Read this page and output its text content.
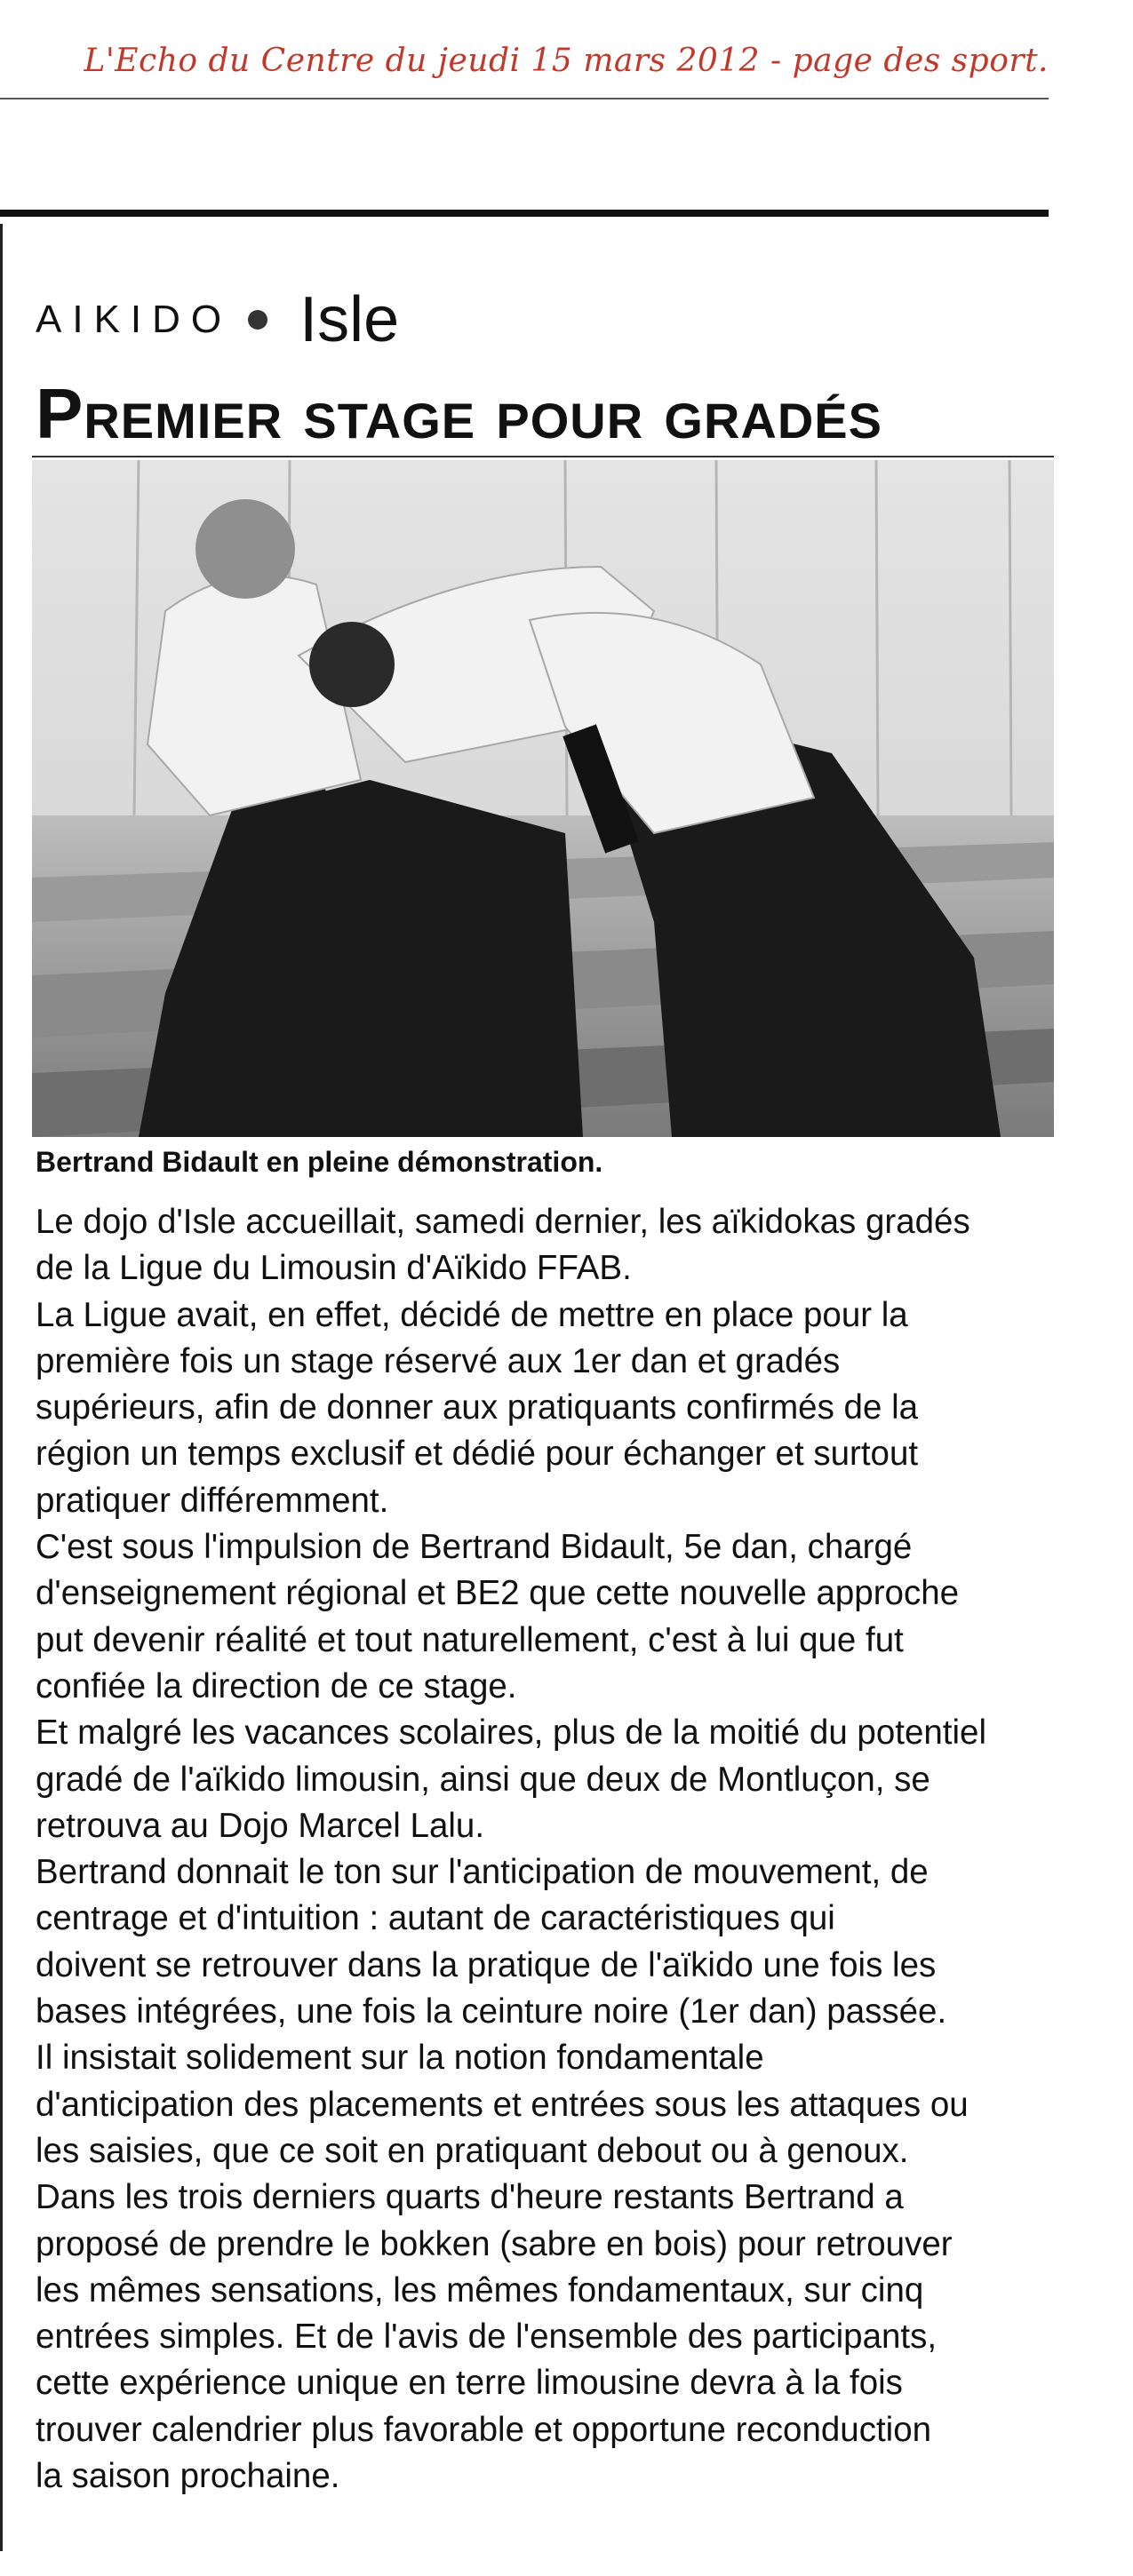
L'Echo du Centre du jeudi 15 mars 2012 - page des sport.
AIKIDO Isle
Premier stage pour gradés
Bertrand Bidault en pleine démonstration.
Le dojo d'Isle accueillait, samedi dernier, les aïkidokas gradés
de la Ligue du Limousin d'Aïkido FFAB.
La Ligue avait, en effet, décidé de mettre en place pour la
première fois un stage réservé aux 1er dan et gradés
supérieurs, afin de donner aux pratiquants confirmés de la
région un temps exclusif et dédié pour échanger et surtout
pratiquer différemment.
C'est sous l'impulsion de Bertrand Bidault, 5e dan, chargé
d'enseignement régional et BE2 que cette nouvelle approche
put devenir réalité et tout naturellement, c'est à lui que fut
confiée la direction de ce stage.
Et malgré les vacances scolaires, plus de la moitié du potentiel
gradé de l'aïkido limousin, ainsi que deux de Montluçon, se
retrouva au Dojo Marcel Lalu.
Bertrand donnait le ton sur l'anticipation de mouvement, de
centrage et d'intuition : autant de caractéristiques qui
doivent se retrouver dans la pratique de l'aïkido une fois les
bases intégrées, une fois la ceinture noire (1er dan) passée.
Il insistait solidement sur la notion fondamentale
d'anticipation des placements et entrées sous les attaques ou
les saisies, que ce soit en pratiquant debout ou à genoux.
Dans les trois derniers quarts d'heure restants Bertrand a
proposé de prendre le bokken (sabre en bois) pour retrouver
les mêmes sensations, les mêmes fondamentaux, sur cinq
entrées simples. Et de l'avis de l'ensemble des participants,
cette expérience unique en terre limousine devra à la fois
trouver calendrier plus favorable et opportune reconduction
la saison prochaine.
